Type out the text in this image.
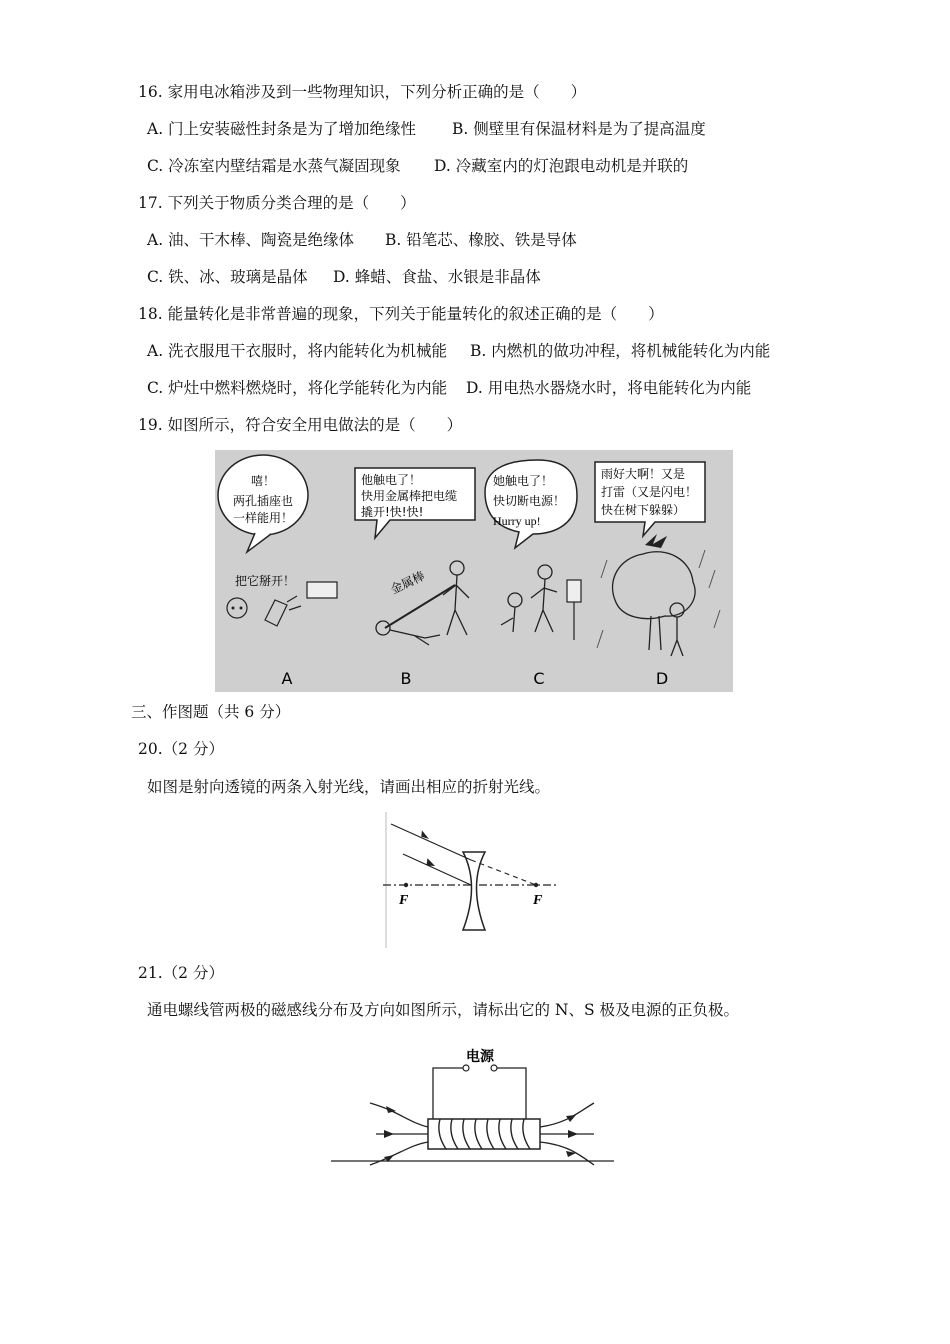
16. 家用电冰箱涉及到一些物理知识，下列分析正确的是（　　）
A. 门上安装磁性封条是为了增加绝缘性 B. 侧壁里有保温材料是为了提高温度
C. 冷冻室内壁结霜是水蒸气凝固现象 D. 冷藏室内的灯泡跟电动机是并联的
17. 下列关于物质分类合理的是（　　）
A. 油、干木棒、陶瓷是绝缘体 B. 铅笔芯、橡胶、铁是导体
C. 铁、冰、玻璃是晶体 D. 蜂蜡、食盐、水银是非晶体
18. 能量转化是非常普遍的现象，下列关于能量转化的叙述正确的是（　　）
A. 洗衣服甩干衣服时，将内能转化为机械能 B. 内燃机的做功冲程，将机械能转化为内能
C. 炉灶中燃料燃烧时，将化学能转化为内能 D. 用电热水器烧水时，将电能转化为内能
19. 如图所示，符合安全用电做法的是（　　）
嘻！
两孔插座也
一样能用！
把它掰开！
A
他触电了！
快用金属棒把电缆
撬开!快!快!
金属棒
B
她触电了！
快切断电源！
Hurry up!
C
雨好大啊！又是
打雷（又是闪电！
快在树下躲躲）
D
三、作图题（共 6 分）
20.（2 分）
如图是射向透镜的两条入射光线，请画出相应的折射光线。
F	F
21.（2 分）
通电螺线管两极的磁感线分布及方向如图所示，请标出它的 N、S 极及电源的正负极。
电源
